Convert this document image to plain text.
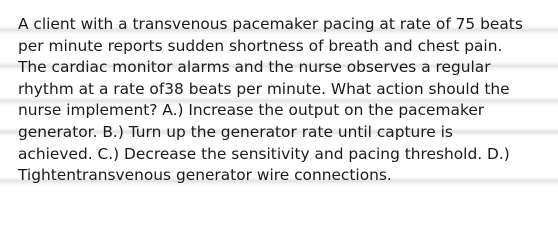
A client with a transvenous pacemaker pacing at rate of 75 beats
per minute reports sudden shortness of breath and chest pain.
The cardiac monitor alarms and the nurse observes a regular
rhythm at a rate of38 beats per minute. What action should the
nurse implement? A.) Increase the output on the pacemaker
generator. B.) Turn up the generator rate until capture is
achieved. C.) Decrease the sensitivity and pacing threshold. D.)
Tightentransvenous generator wire connections.
